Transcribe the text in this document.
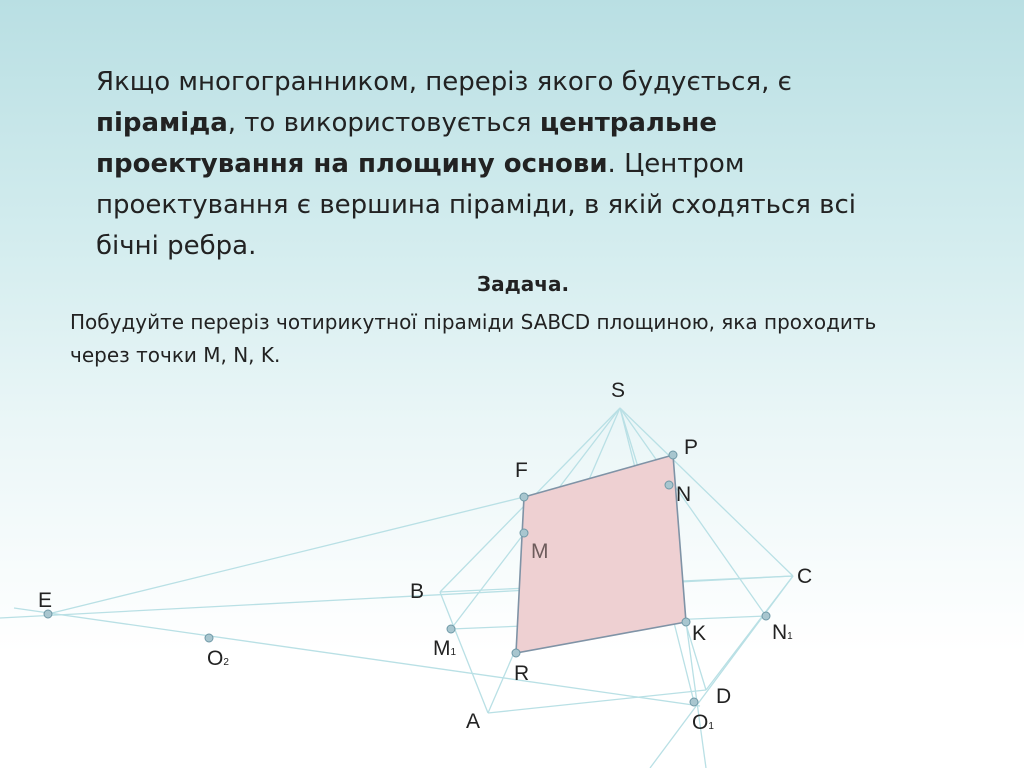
Якщо многогранником, переріз якого будується, є піраміда, то використовується центральне проектування на площину основи. Центром проектування є вершина піраміди, в якій сходяться всі бічні ребра.
Задача.
Побудуйте переріз чотирикутної піраміди SABCD площиною, яка проходить через точки M, N, K.
S
P
F
N
M
C
B
E
K
M1
N1
O2	R
D
A	O1
